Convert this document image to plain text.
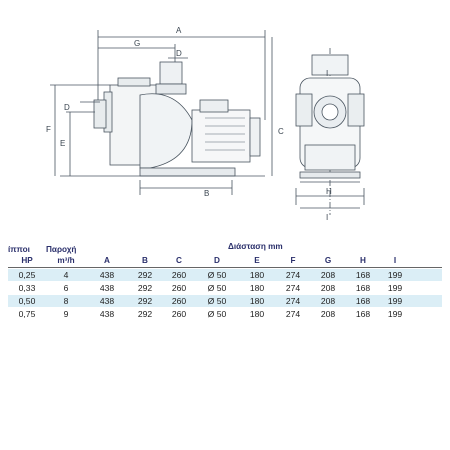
A
G
D
B
C
F
E
D
H
I
I
ίπποι	Παροχή
HP	m³/h	A	B	C	D	E	F	G	H	I
0,25	4	438	292	260	Ø 50	180	274	208	168	199
0,33	6	438	292	260	Ø 50	180	274	208	168	199
0,50	8	438	292	260	Ø 50	180	274	208	168	199
0,75	9	438	292	260	Ø 50	180	274	208	168	199
Διάσταση mm
